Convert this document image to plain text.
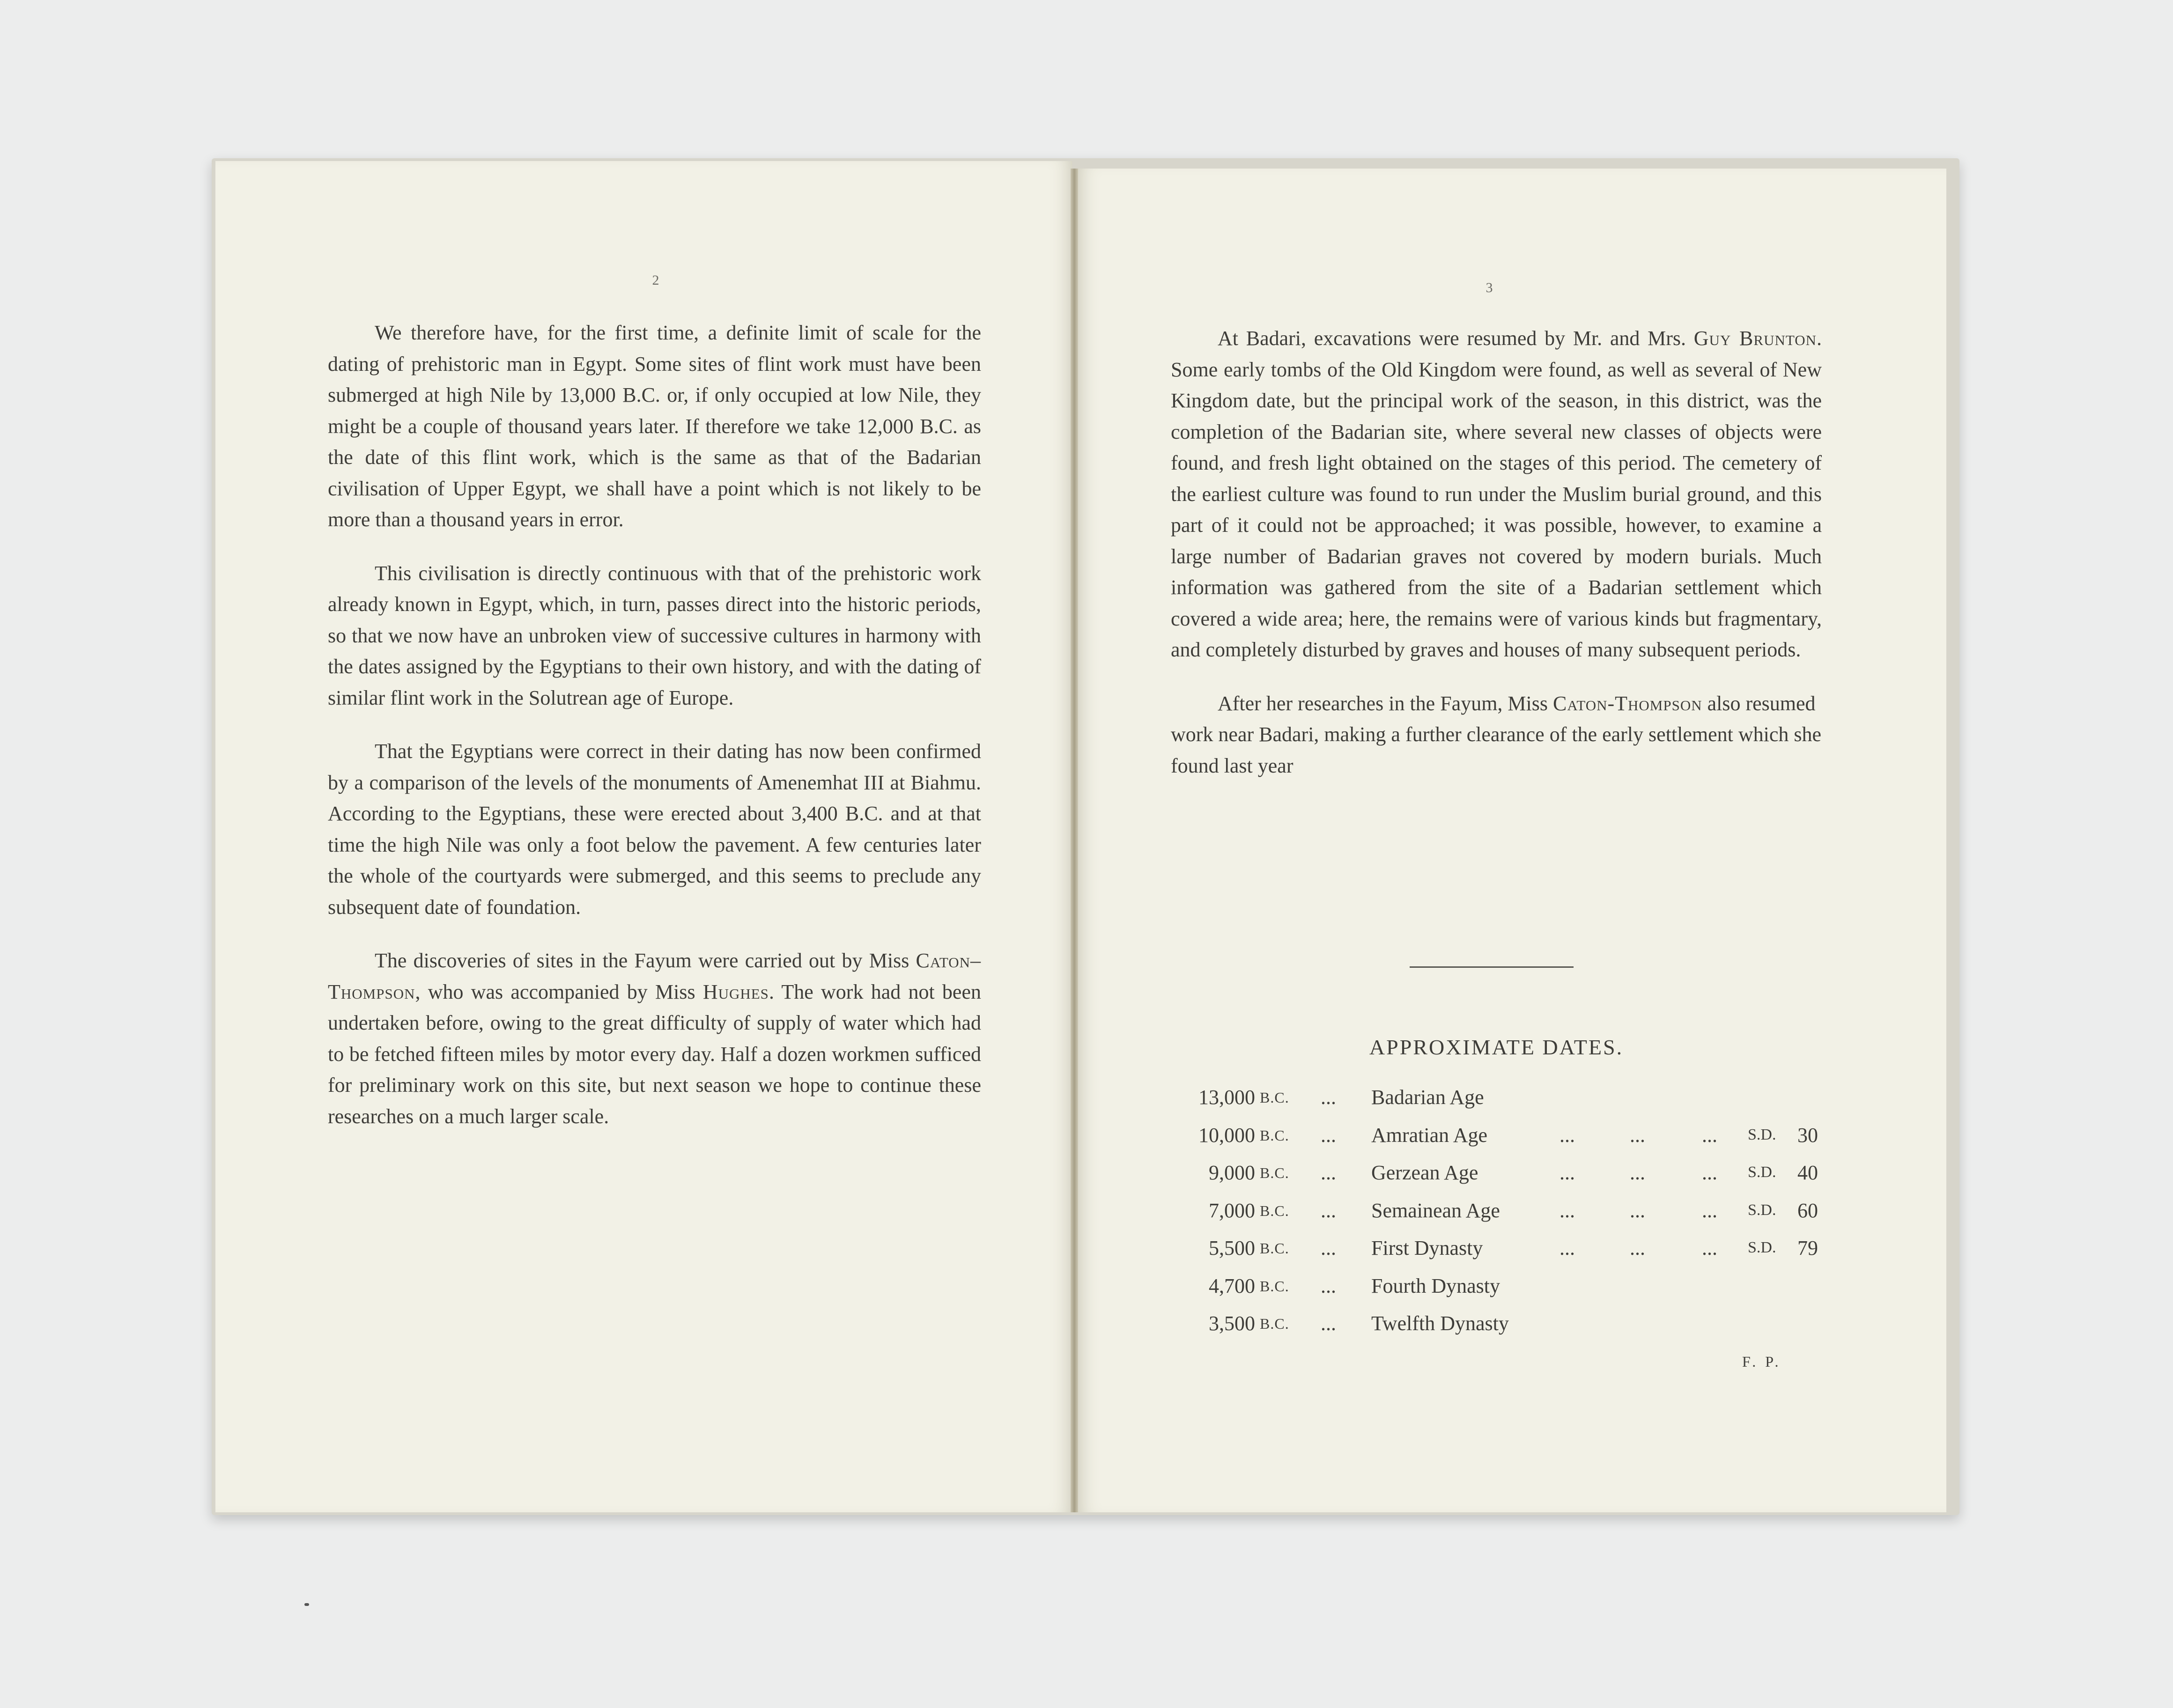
2	3

We therefore have, for the first time, a definite limit of scale for the dating of prehistoric man in Egypt. Some sites of flint work must have been submerged at high Nile by 13,000 B.C. or, if only occupied at low Nile, they might be a couple of thousand years later. If therefore we take 12,000 B.C. as the date of this flint work, which is the same as that of the Badarian civilisation of Upper Egypt, we shall have a point which is not likely to be more than a thousand years in error.

This civilisation is directly continuous with that of the prehistoric work already known in Egypt, which, in turn, passes direct into the historic periods, so that we now have an unbroken view of successive cultures in harmony with the dates assigned by the Egyptians to their own history, and with the dating of similar flint work in the Solutrean age of Europe.

That the Egyptians were correct in their dating has now been confirmed by a comparison of the levels of the monuments of Amenemhat III at Biahmu. According to the Egyptians, these were erected about 3,400 B.C. and at that time the high Nile was only a foot below the pavement. A few centuries later the whole of the courtyards were submerged, and this seems to preclude any subsequent date of foundation.

The discoveries of sites in the Fayum were carried out by Miss Caton–Thompson, who was accompanied by Miss Hughes. The work had not been undertaken before, owing to the great difficulty of supply of water which had to be fetched fifteen miles by motor every day. Half a dozen workmen sufficed for preliminary work on this site, but next season we hope to continue these researches on a much larger scale.

At Badari, excavations were resumed by Mr. and Mrs. Guy Brunton. Some early tombs of the Old Kingdom were found, as well as several of New Kingdom date, but the principal work of the season, in this district, was the completion of the Badarian site, where several new classes of objects were found, and fresh light obtained on the stages of this period. The cemetery of the earliest culture was found to run under the Muslim burial ground, and this part of it could not be approached; it was possible, however, to examine a large number of Badarian graves not covered by modern burials. Much information was gathered from the site of a Badarian settlement which covered a wide area; here, the remains were of various kinds but fragmentary, and completely disturbed by graves and houses of many subsequent periods.

After her researches in the Fayum, Miss Caton-Thompson also resumed work near Badari, making a further clearance of the early settlement which she found last year

APPROXIMATE DATES.
13,000 B.C. ... Badarian Age
10,000 B.C. ... Amratian Age	...	...	... S.D. 30
9,000 B.C. ... Gerzean Age	...	...	... S.D. 40
7,000 B.C. ... Semainean Age	...	...	... S.D. 60
5,500 B.C. ... First Dynasty	...	...	... S.D. 79
4,700 B.C. ... Fourth Dynasty
3,500 B.C. ... Twelfth Dynasty
F. P.
